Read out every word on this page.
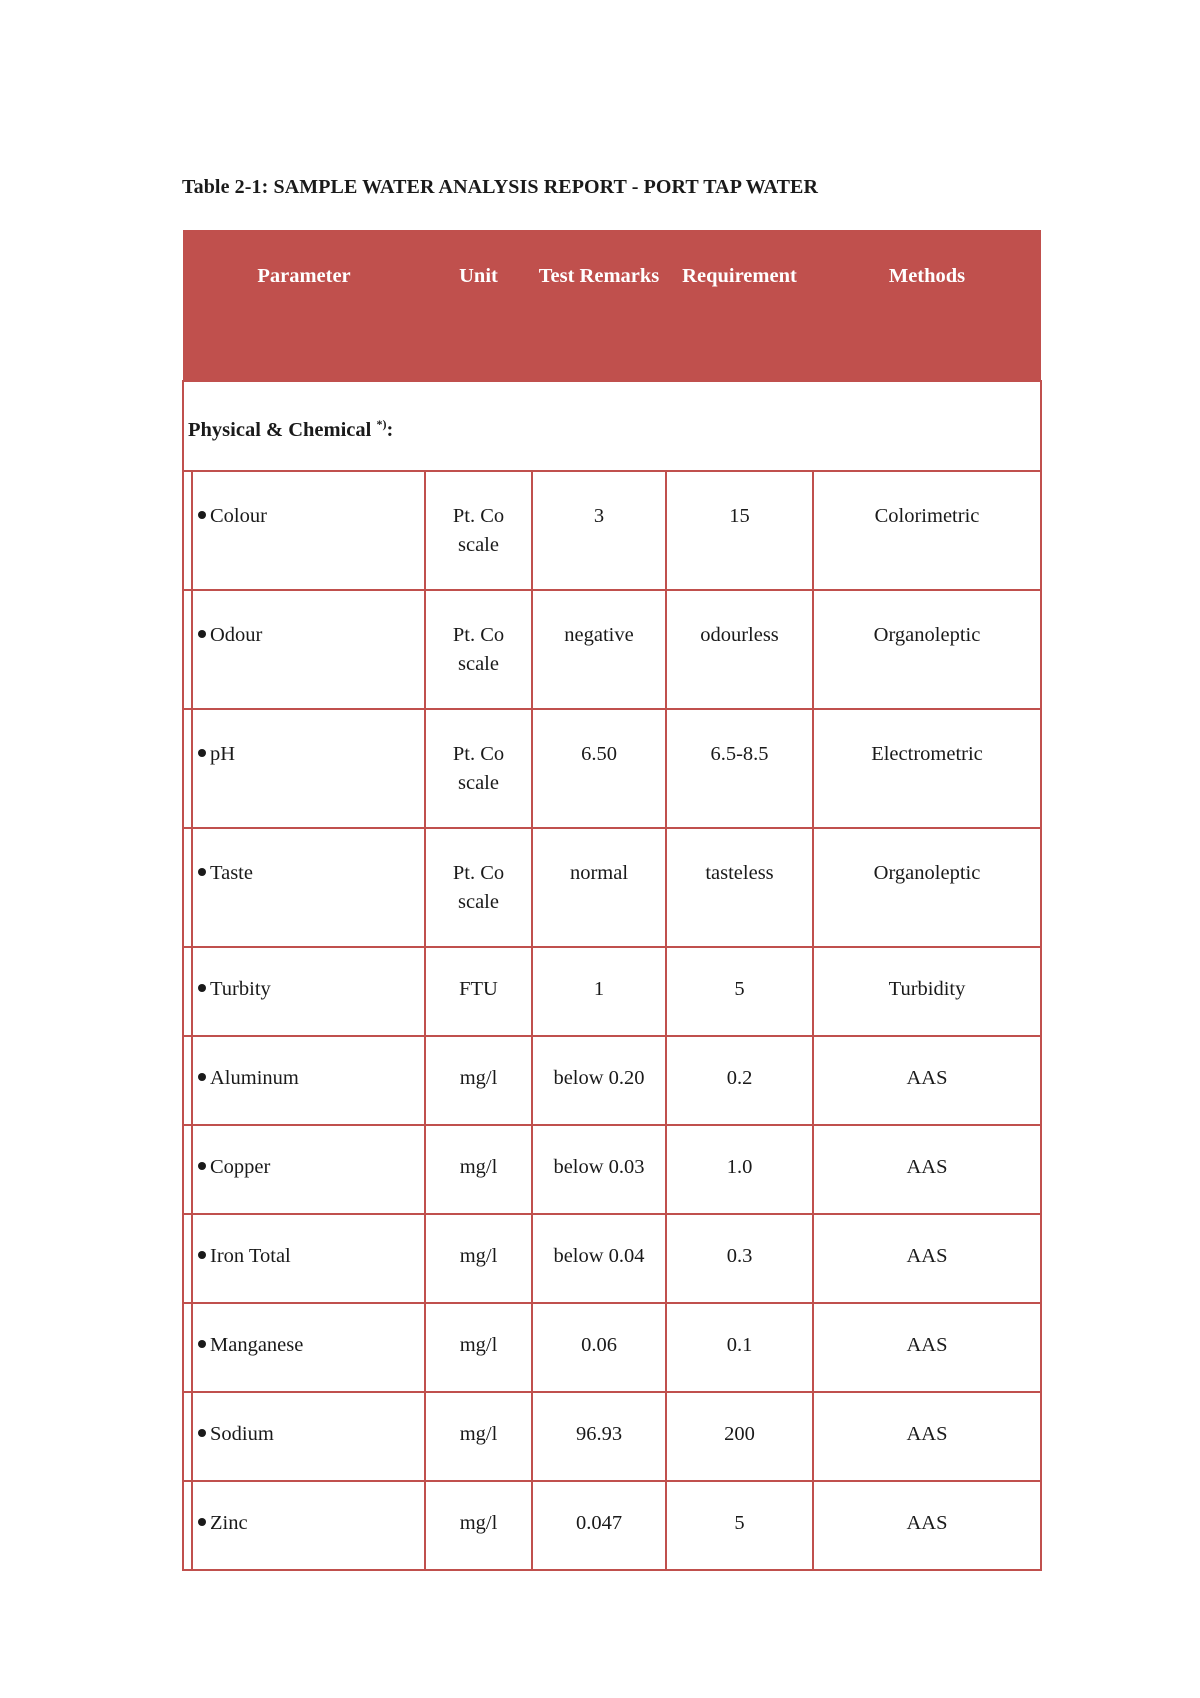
Table 2-1: SAMPLE WATER ANALYSIS REPORT - PORT TAP WATER

Parameter	Unit	Test Remarks	Requirement	Methods
Physical & Chemical *):				
Colour	Pt. Co scale	3	15	Colorimetric
Odour	Pt. Co scale	negative	odourless	Organoleptic
pH	Pt. Co scale	6.50	6.5-8.5	Electrometric
Taste	Pt. Co scale	normal	tasteless	Organoleptic
Turbity	FTU	1	5	Turbidity
Aluminum	mg/l	below 0.20	0.2	AAS
Copper	mg/l	below 0.03	1.0	AAS
Iron Total	mg/l	below 0.04	0.3	AAS
Manganese	mg/l	0.06	0.1	AAS
Sodium	mg/l	96.93	200	AAS
Zinc	mg/l	0.047	5	AAS
